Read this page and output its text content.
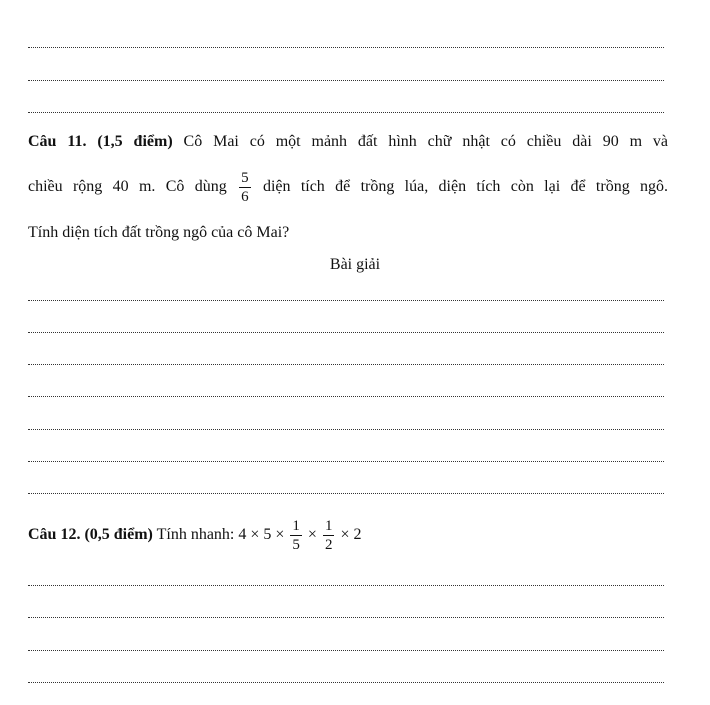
Câu 11. (1,5 điểm) Cô Mai có một mảnh đất hình chữ nhật có chiều dài 90 m và
chiều rộng 40 m. Cô dùng $\frac{5}{6}$ diện tích để trồng lúa, diện tích còn lại để trồng ngô.
Tính diện tích đất trồng ngô của cô Mai?
Bài giải
Câu 12. (0,5 điểm) Tính nhanh: $4 \times 5 \times \frac{1}{5} \times \frac{1}{2} \times 2$
